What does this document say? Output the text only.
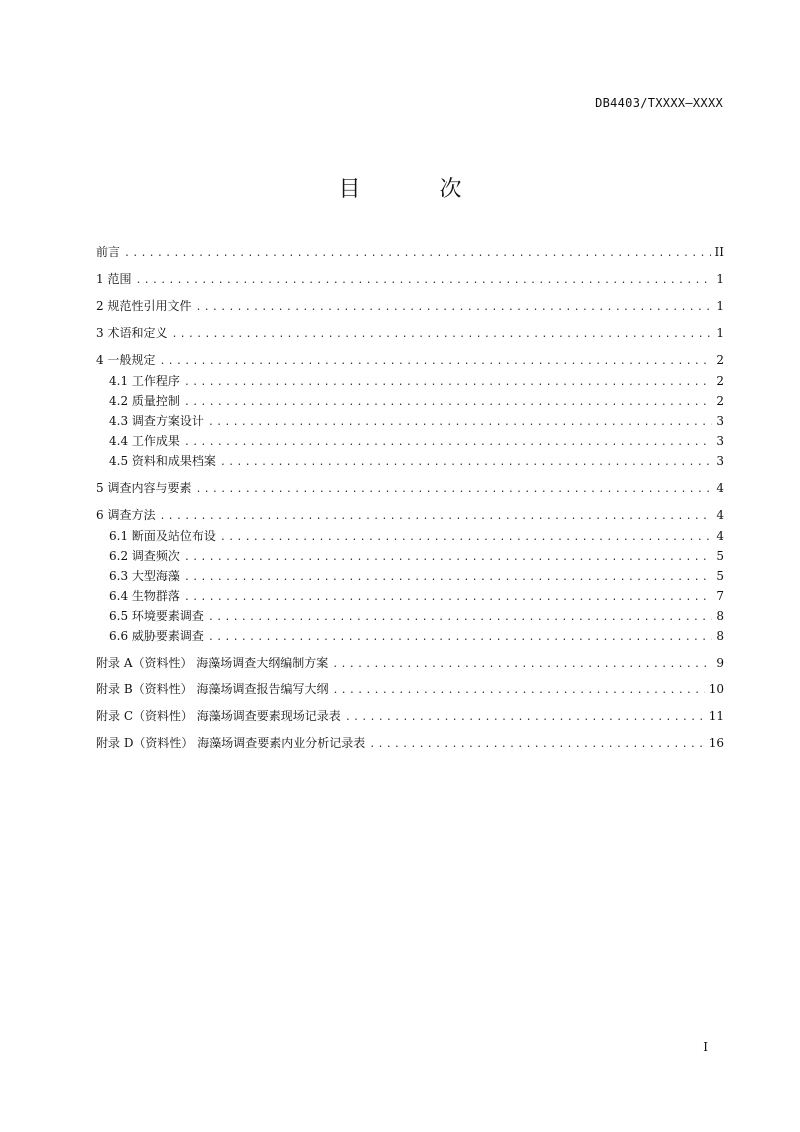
DB4403/TXXXX—XXXX
目 次
前言 .....	II
1 范围 .....	1
2 规范性引用文件 .....	1
3 术语和定义 .....	1
4 一般规定 .....	2
4.1 工作程序 .....	2
4.2 质量控制 .....	2
4.3 调查方案设计 .....	3
4.4 工作成果 .....	3
4.5 资料和成果档案 .....	3
5 调查内容与要素 .....	4
6 调查方法 .....	4
6.1 断面及站位布设 .....	4
6.2 调查频次 .....	5
6.3 大型海藻 .....	5
6.4 生物群落 .....	7
6.5 环境要素调查 .....	8
6.6 威胁要素调查 .....	8
附录 A（资料性） 海藻场调查大纲编制方案 .....	9
附录 B（资料性） 海藻场调查报告编写大纲 .....	10
附录 C（资料性） 海藻场调查要素现场记录表 .....	11
附录 D（资料性） 海藻场调查要素内业分析记录表 .....	16
I
